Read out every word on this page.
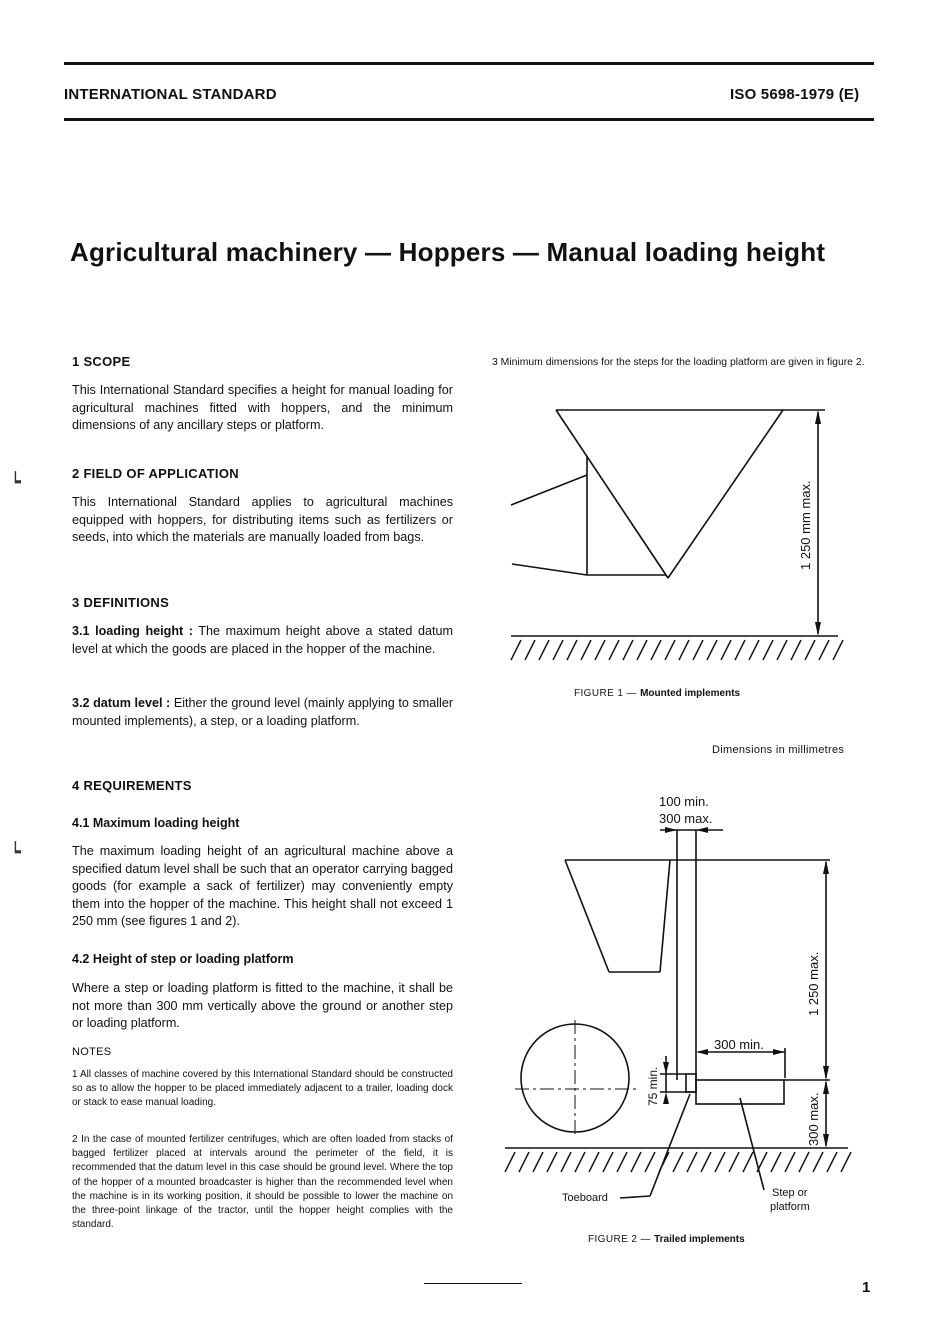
INTERNATIONAL STANDARD	ISO 5698-1979 (E)
Agricultural machinery — Hoppers — Manual loading height
1 SCOPE
This International Standard specifies a height for manual loading for agricultural machines fitted with hoppers, and the minimum dimensions of any ancillary steps or platform.
┕	2 FIELD OF APPLICATION
This International Standard applies to agricultural machines equipped with hoppers, for distributing items such as fertilizers or seeds, into which the materials are manually loaded from bags.
3 DEFINITIONS
3.1 loading height : The maximum height above a stated datum level at which the goods are placed in the hopper of the machine.
3.2 datum level : Either the ground level (mainly applying to smaller mounted implements), a step, or a loading platform.
4 REQUIREMENTS
4.1 Maximum loading height
┕	The maximum loading height of an agricultural machine above a specified datum level shall be such that an operator carrying bagged goods (for example a sack of fertilizer) may conveniently empty them into the hopper of the machine. This height shall not exceed 1 250 mm (see figures 1 and 2).
4.2 Height of step or loading platform
Where a step or loading platform is fitted to the machine, it shall be not more than 300 mm vertically above the ground or another step or loading platform.
NOTES
1 All classes of machine covered by this International Standard should be constructed so as to allow the hopper to be placed immediately adjacent to a trailer, loading dock or stack to ease manual loading.
2 In the case of mounted fertilizer centrifuges, which are often loaded from stacks of bagged fertilizer placed at intervals around the perimeter of the field, it is recommended that the datum level in this case should be ground level. Where the top of the hopper of a mounted broadcaster is higher than the recommended level when the machine is in its working position, it should be possible to lower the machine on the three-point linkage of the tractor, until the hopper height complies with the standard.
3 Minimum dimensions for the steps for the loading platform are given in figure 2.
1 250 mm max.
FIGURE 1 — Mounted implements
Dimensions in millimetres
100 min.
300 max.
300 min.
1 250 max.
300 max.
75 min.
Toeboard	Step or
platform
FIGURE 2 — Trailed implements
1
